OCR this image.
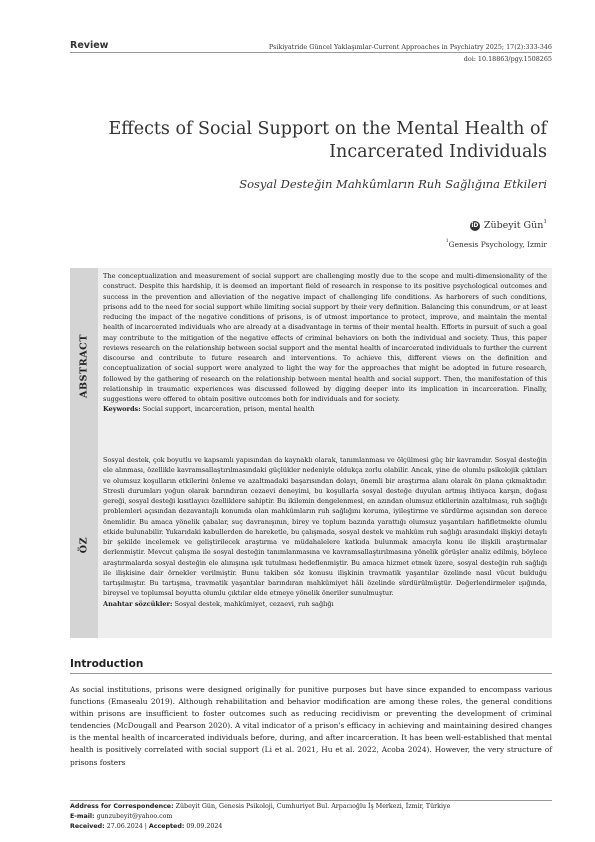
Review	Psikiyatride Güncel Yaklaşımlar-Current Approaches in Psychiatry 2025; 17(2):333-346
doi: 10.18863/pgy.1508265
Effects of Social Support on the Mental Health of Incarcerated Individuals
Sosyal Desteğin Mahkûmların Ruh Sağlığına Etkileri
iD Zübeyit Gün$^1$
$^1$Genesis Psychology, Izmir
ABSTRACT
The conceptualization and measurement of social support are challenging mostly due to the scope and multi-dimensionality of the construct. Despite this hardship, it is deemed an important field of research in response to its positive psychological outcomes and success in the prevention and alleviation of the negative impact of challenging life conditions. As harborers of such conditions, prisons add to the need for social support while limiting social support by their very definition. Balancing this conundrum, or at least reducing the impact of the negative conditions of prisons, is of utmost importance to protect, improve, and maintain the mental health of incarcerated individuals who are already at a disadvantage in terms of their mental health. Efforts in pursuit of such a goal may contribute to the mitigation of the negative effects of criminal behaviors on both the individual and society. Thus, this paper reviews research on the relationship between social support and the mental health of incarcerated individuals to further the current discourse and contribute to future research and interventions. To achieve this, different views on the definition and conceptualization of social support were analyzed to light the way for the approaches that might be adopted in future research, followed by the gathering of research on the relationship between mental health and social support. Then, the manifestation of this relationship in traumatic experiences was discussed followed by digging deeper into its implication in incarceration. Finally, suggestions were offered to obtain positive outcomes both for individuals and for society.
Keywords: Social support, incarceration, prison, mental health
ÖZ
Sosyal destek, çok boyutlu ve kapsamlı yapısından da kaynaklı olarak, tanımlanması ve ölçülmesi güç bir kavramdır. Sosyal desteğin ele alınması, özellikle kavramsallaştırılmasındaki güçlükler nedeniyle oldukça zorlu olabilir. Ancak, yine de olumlu psikolojik çıktıları ve olumsuz koşulların etkilerini önleme ve azaltmadaki başarısından dolayı, önemli bir araştırma alanı olarak ön plana çıkmaktadır. Stresli durumları yoğun olarak barındıran cezaevi deneyimi, bu koşullarla sosyal desteğe duyulan artmış ihtiyaca karşın, doğası gereği, sosyal desteği kısıtlayıcı özelliklere sahiptir. Bu ikilemin dengelenmesi, en azından olumsuz etkilerinin azaltılması, ruh sağlığı problemleri açısından dezavantajlı konumda olan mahkûmların ruh sağlığını koruma, iyileştirme ve sürdürme açısından son derece önemlidir. Bu amaca yönelik çabalar, suç davranışının, birey ve toplum bazında yarattığı olumsuz yaşantıları hafifletmekte olumlu etkide bulunabilir. Yukarıdaki kabullerden de hareketle, bu çalışmada, sosyal destek ve mahkûm ruh sağlığı arasındaki ilişkiyi detaylı bir şekilde incelemek ve geliştirilecek araştırma ve müdahalelere katkıda bulunmak amacıyla konu ile ilişkili araştırmalar derlenmiştir. Mevcut çalışma ile sosyal desteğin tanımlanmasına ve kavramsallaştırılmasına yönelik görüşler analiz edilmiş, böylece araştırmalarda sosyal desteğin ele alınışına ışık tutulması hedeflenmiştir. Bu amaca hizmet etmek üzere, sosyal desteğin ruh sağlığı ile ilişkisine dair örnekler verilmiştir. Bunu takiben söz konusu ilişkinin travmatik yaşantılar özelinde nasıl vücut bulduğu tartışılmıştır. Bu tartışma, travmatik yaşantılar barındıran mahkûmiyet hâli özelinde sürdürülmüştür. Değerlendirmeler ışığında, bireysel ve toplumsal boyutta olumlu çıktılar elde etmeye yönelik öneriler sunulmuştur.
Anahtar sözcükler: Sosyal destek, mahkûmiyet, cezaevi, ruh sağlığı
Introduction
As social institutions, prisons were designed originally for punitive purposes but have since expanded to encompass various functions (Emasealu 2019). Although rehabilitation and behavior modification are among these roles, the general conditions within prisons are insufficient to foster outcomes such as reducing recidivism or preventing the development of criminal tendencies (McDougall and Pearson 2020). A vital indicator of a prison's efficacy in achieving and maintaining desired changes is the mental health of incarcerated individuals before, during, and after incarceration. It has been well-established that mental health is positively correlated with social support (Li et al. 2021, Hu et al. 2022, Acoba 2024). However, the very structure of prisons fosters
Address for Correspondence: Zübeyit Gün, Genesis Psikoloji, Cumhuriyet Bul. Arpacıoğlu İş Merkezi, İzmir, Türkiye
E-mail: gunzubeyit@yahoo.com
Received: 27.06.2024 | Accepted: 09.09.2024
